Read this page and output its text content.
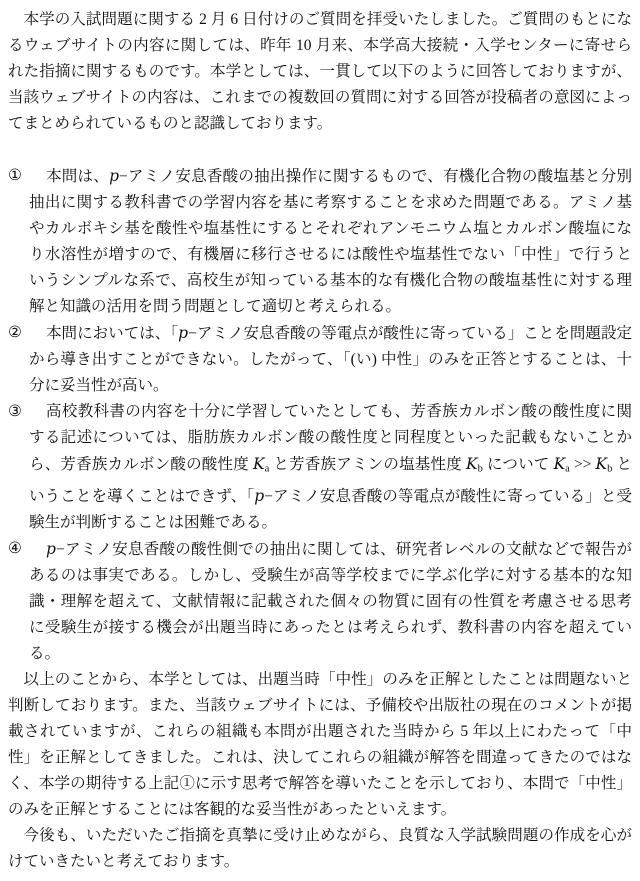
本学の入試問題に関する 2 月 6 日付けのご質問を拝受いたしました。ご質問のもとになるウェブサイトの内容に関しては、昨年 10 月来、本学高大接続・入学センターに寄せられた指摘に関するものです。本学としては、一貫して以下のように回答しておりますが、当該ウェブサイトの内容は、これまでの複数回の質問に対する回答が投稿者の意図によってまとめられているものと認識しております。

① 本問は、p−アミノ安息香酸の抽出操作に関するもので、有機化合物の酸塩基と分別抽出に関する教科書での学習内容を基に考察することを求めた問題である。アミノ基やカルボキシ基を酸性や塩基性にするとそれぞれアンモニウム塩とカルボン酸塩になり水溶性が増すので、有機層に移行させるには酸性や塩基性でない「中性」で行うというシンプルな系で、高校生が知っている基本的な有機化合物の酸塩基性に対する理解と知識の活用を問う問題として適切と考えられる。
② 本問においては、「p−アミノ安息香酸の等電点が酸性に寄っている」ことを問題設定から導き出すことができない。したがって、「(い) 中性」のみを正答とすることは、十分に妥当性が高い。
③ 高校教科書の内容を十分に学習していたとしても、芳香族カルボン酸の酸性度に関する記述については、脂肪族カルボン酸の酸性度と同程度といった記載もないことから、芳香族カルボン酸の酸性度 $K_a$ と芳香族アミンの塩基性度 $K_b$ について $K_a >> K_b$ ということを導くことはできず、「p−アミノ安息香酸の等電点が酸性に寄っている」と受験生が判断することは困難である。
④ p−アミノ安息香酸の酸性側での抽出に関しては、研究者レベルの文献などで報告があるのは事実である。しかし、受験生が高等学校までに学ぶ化学に対する基本的な知識・理解を超えて、文献情報に記載された個々の物質に固有の性質を考慮させる思考に受験生が接する機会が出題当時にあったとは考えられず、教科書の内容を超えている。

以上のことから、本学としては、出題当時「中性」のみを正解としたことは問題ないと判断しております。また、当該ウェブサイトには、予備校や出版社の現在のコメントが掲載されていますが、これらの組織も本問が出題された当時から 5 年以上にわたって「中性」を正解としてきました。これは、決してこれらの組織が解答を間違ってきたのではなく、本学の期待する上記①に示す思考で解答を導いたことを示しており、本問で「中性」のみを正解とすることには客観的な妥当性があったといえます。

今後も、いただいたご指摘を真摯に受け止めながら、良質な入学試験問題の作成を心がけていきたいと考えております。
